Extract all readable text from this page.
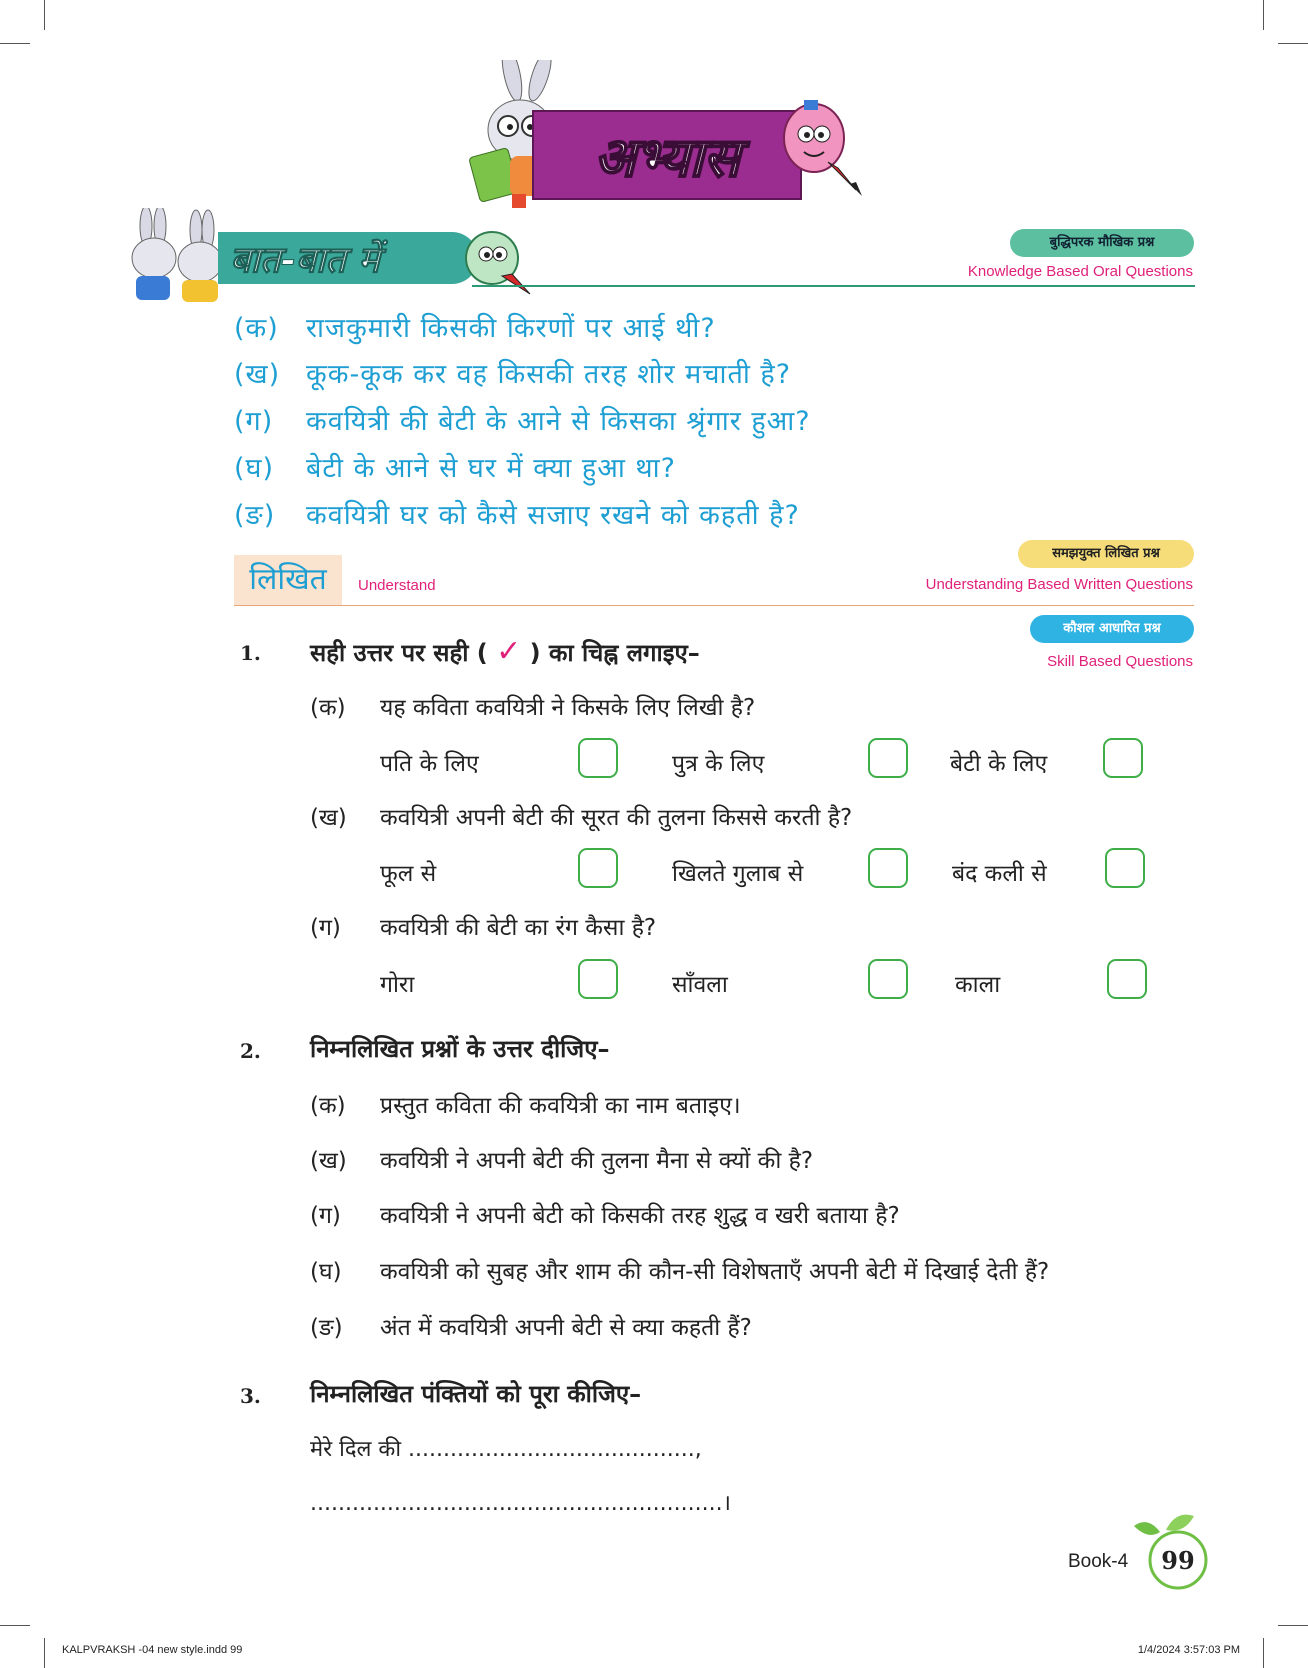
अभ्यास
बात-बात में	बुद्धिपरक मौखिक प्रश्न
Knowledge Based Oral Questions
(क) राजकुमारी किसकी किरणों पर आई थी?
(ख) कूक-कूक कर वह किसकी तरह शोर मचाती है?
(ग) कवयित्री की बेटी के आने से किसका श्रृंगार हुआ?
(घ) बेटी के आने से घर में क्या हुआ था?
(ङ) कवयित्री घर को कैसे सजाए रखने को कहती है?
लिखित	Understand
समझयुक्त लिखित प्रश्न
Understanding Based Written Questions
कौशल आधारित प्रश्न
Skill Based Questions
1. सही उत्तर पर सही ( ✓ ) का चिह्न लगाइए–
(क) यह कविता कवयित्री ने किसके लिए लिखी है?
पति के लिए	पुत्र के लिए	बेटी के लिए
(ख) कवयित्री अपनी बेटी की सूरत की तुलना किससे करती है?
फूल से	खिलते गुलाब से	बंद कली से
(ग) कवयित्री की बेटी का रंग कैसा है?
गोरा	साँवला	काला
2. निम्नलिखित प्रश्नों के उत्तर दीजिए–
(क) प्रस्तुत कविता की कवयित्री का नाम बताइए।
(ख) कवयित्री ने अपनी बेटी की तुलना मैना से क्यों की है?
(ग) कवयित्री ने अपनी बेटी को किसकी तरह शुद्ध व खरी बताया है?
(घ) कवयित्री को सुबह और शाम की कौन-सी विशेषताएँ अपनी बेटी में दिखाई देती हैं?
(ङ) अंत में कवयित्री अपनी बेटी से क्या कहती हैं?
3. निम्नलिखित पंक्तियों को पूरा कीजिए–
मेरे दिल की .........................................,
...........................................................।
Book-4	99
KALPVRAKSH -04 new style.indd 99	1/4/2024 3:57:03 PM
